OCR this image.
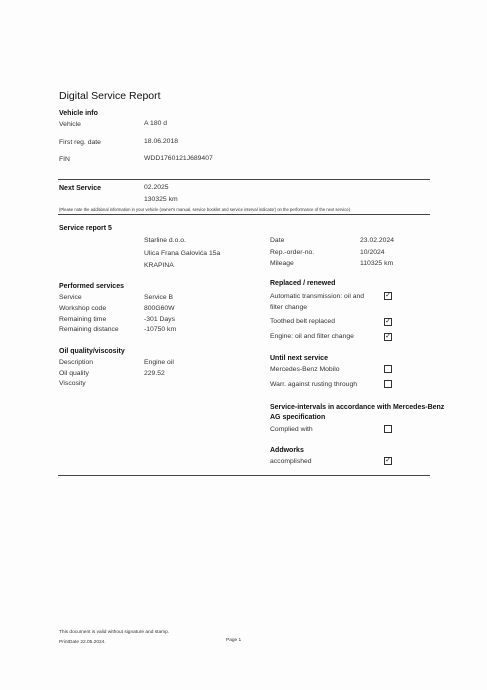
Digital Service Report
Vehicle info
Vehicle	A 180 d
First reg. date	18.06.2018
FIN	WDD1760121J689407
Next Service	02.2025
130325 km
(Please note the additional information in your vehicle (owner's manual, service booklet and service interval indicator) on the performance of the next service)
Service report 5
Starline d.o.o.
Ulica Frana Galovića 15a
KRAPINA
Date	23.02.2024
Rep.-order-no.	10/2024
Mileage	110325 km
Performed services
Service	Service B
Workshop code	800G60W
Remaining time	-301 Days
Remaining distance	-10750 km
Oil quality/viscosity
Description	Engine oil
Oil quality	229.52
Viscosity
Replaced / renewed
Automatic transmission: oil and filter change
✓
Toothed belt replaced	✓
Engine: oil and filter change	✓
Until next service
Mercedes-Benz Mobilo
Warr. against rusting through
Service-intervals in accordance with Mercedes-Benz AG specification
Complied with
Addworks
accomplished	✓
This document is valid without signature and stamp.
PrintDate 22.05.2024.	Page 1
